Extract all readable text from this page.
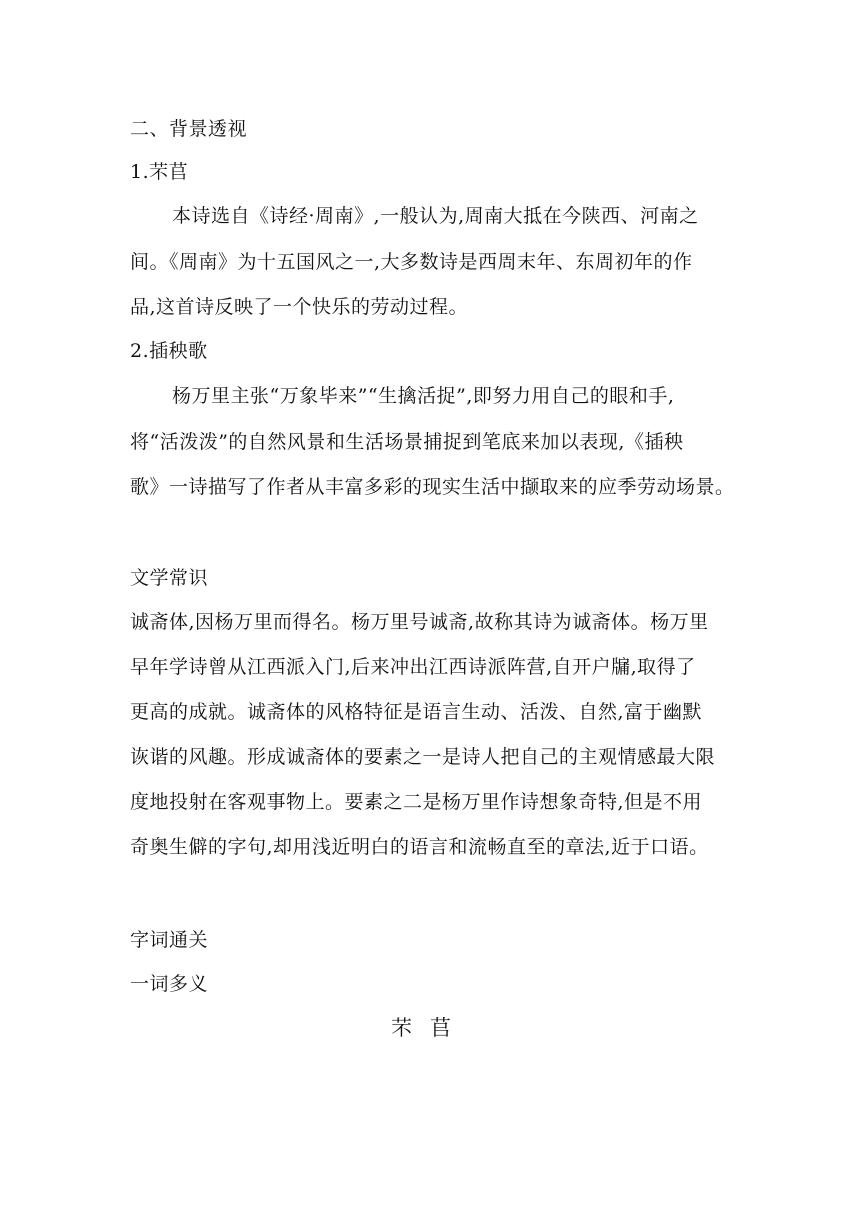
二、背景透视
1.芣苢
本诗选自《诗经·周南》,一般认为,周南大抵在今陕西、河南之
间。《周南》为十五国风之一,大多数诗是西周末年、东周初年的作
品,这首诗反映了一个快乐的劳动过程。
2.插秧歌
杨万里主张“万象毕来”“生擒活捉”,即努力用自己的眼和手,
将“活泼泼”的自然风景和生活场景捕捉到笔底来加以表现,《插秧
歌》一诗描写了作者从丰富多彩的现实生活中撷取来的应季劳动场景。
文学常识
诚斋体,因杨万里而得名。杨万里号诚斋,故称其诗为诚斋体。杨万里
早年学诗曾从江西派入门,后来冲出江西诗派阵营,自开户牖,取得了
更高的成就。诚斋体的风格特征是语言生动、活泼、自然,富于幽默
诙谐的风趣。形成诚斋体的要素之一是诗人把自己的主观情感最大限
度地投射在客观事物上。要素之二是杨万里作诗想象奇特,但是不用
奇奥生僻的字句,却用浅近明白的语言和流畅直至的章法,近于口语。
字词通关
一词多义
芣苢
